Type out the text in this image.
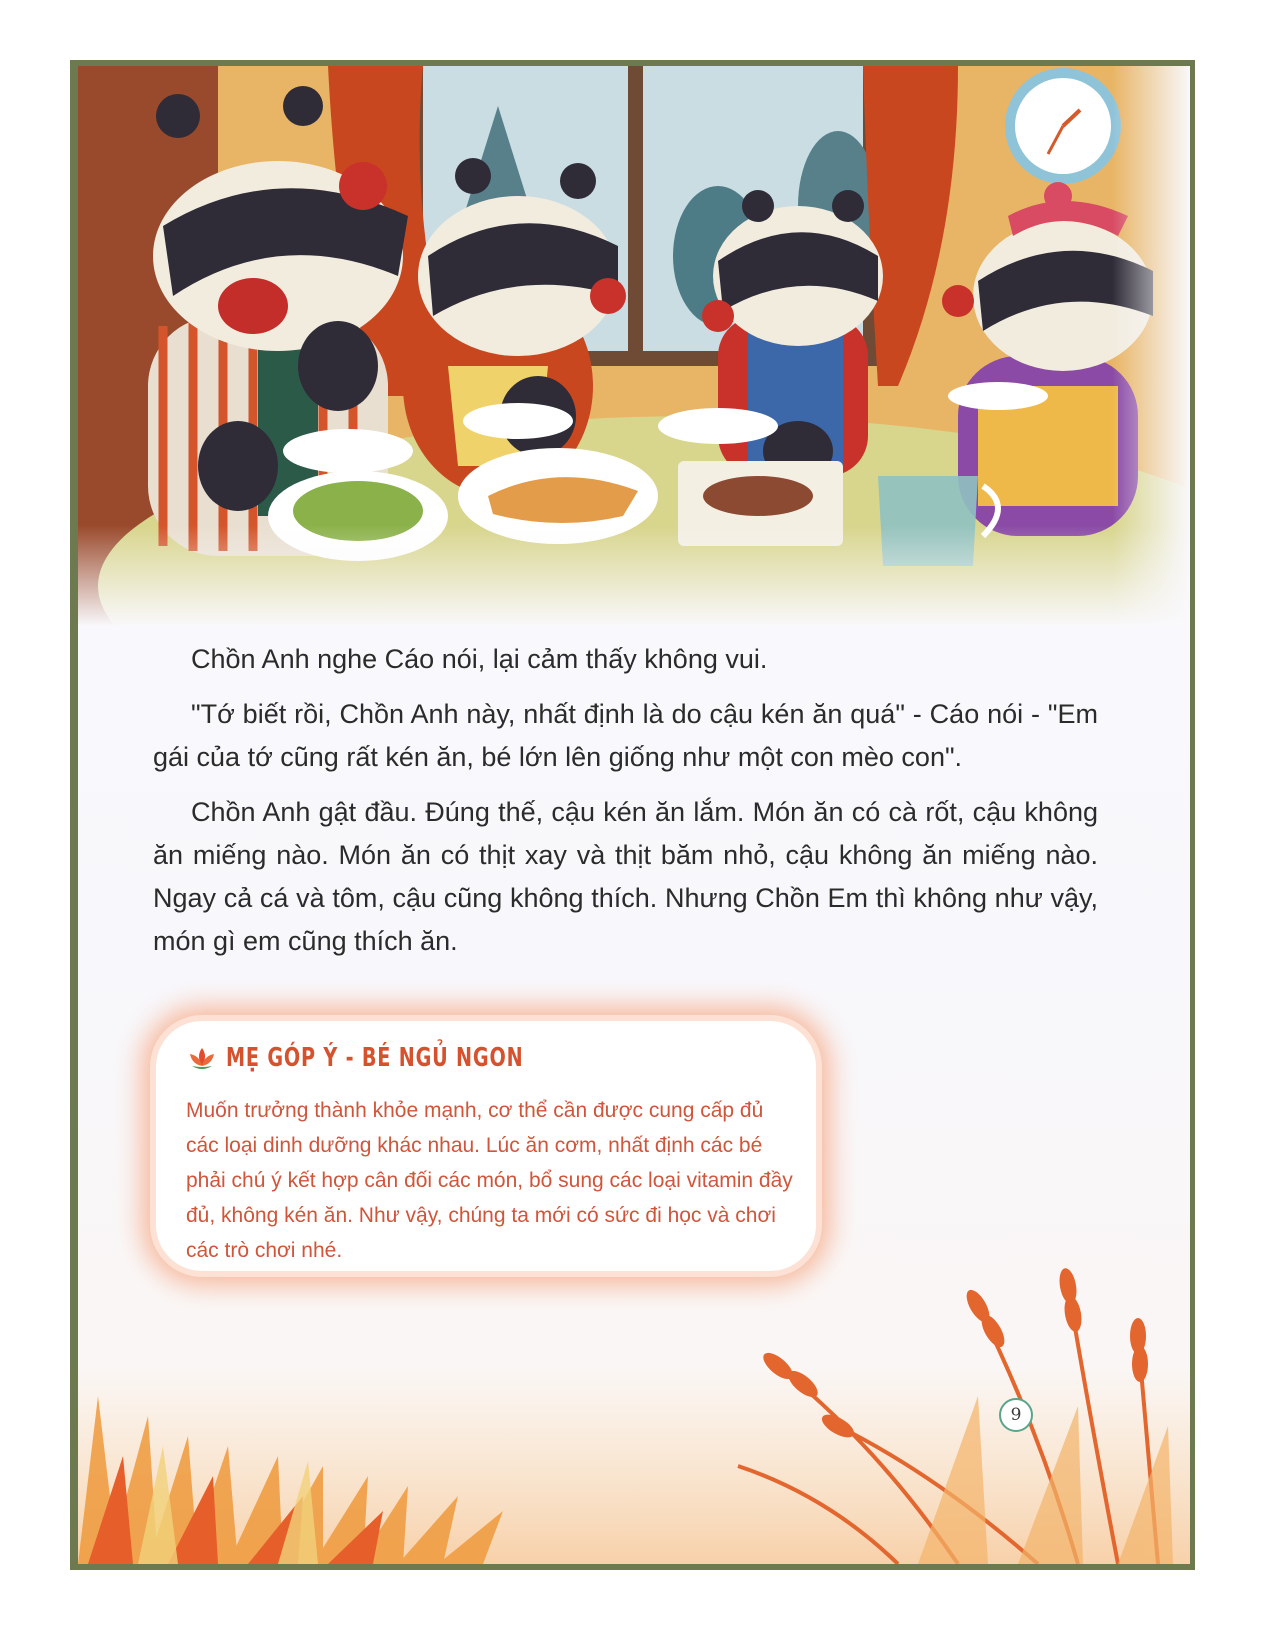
Chồn Anh nghe Cáo nói, lại cảm thấy không vui.

"Tớ biết rồi, Chồn Anh này, nhất định là do cậu kén ăn quá" - Cáo nói - "Em gái của tớ cũng rất kén ăn, bé lớn lên giống như một con mèo con".

Chồn Anh gật đầu. Đúng thế, cậu kén ăn lắm. Món ăn có cà rốt, cậu không ăn miếng nào. Món ăn có thịt xay và thịt băm nhỏ, cậu không ăn miếng nào. Ngay cả cá và tôm, cậu cũng không thích. Nhưng Chồn Em thì không như vậy, món gì em cũng thích ăn.

MẸ GÓP Ý - BÉ NGỦ NGON
Muốn trưởng thành khỏe mạnh, cơ thể cần được cung cấp đủ các loại dinh dưỡng khác nhau. Lúc ăn cơm, nhất định các bé phải chú ý kết hợp cân đối các món, bổ sung các loại vitamin đầy đủ, không kén ăn. Như vậy, chúng ta mới có sức đi học và chơi các trò chơi nhé.
9
